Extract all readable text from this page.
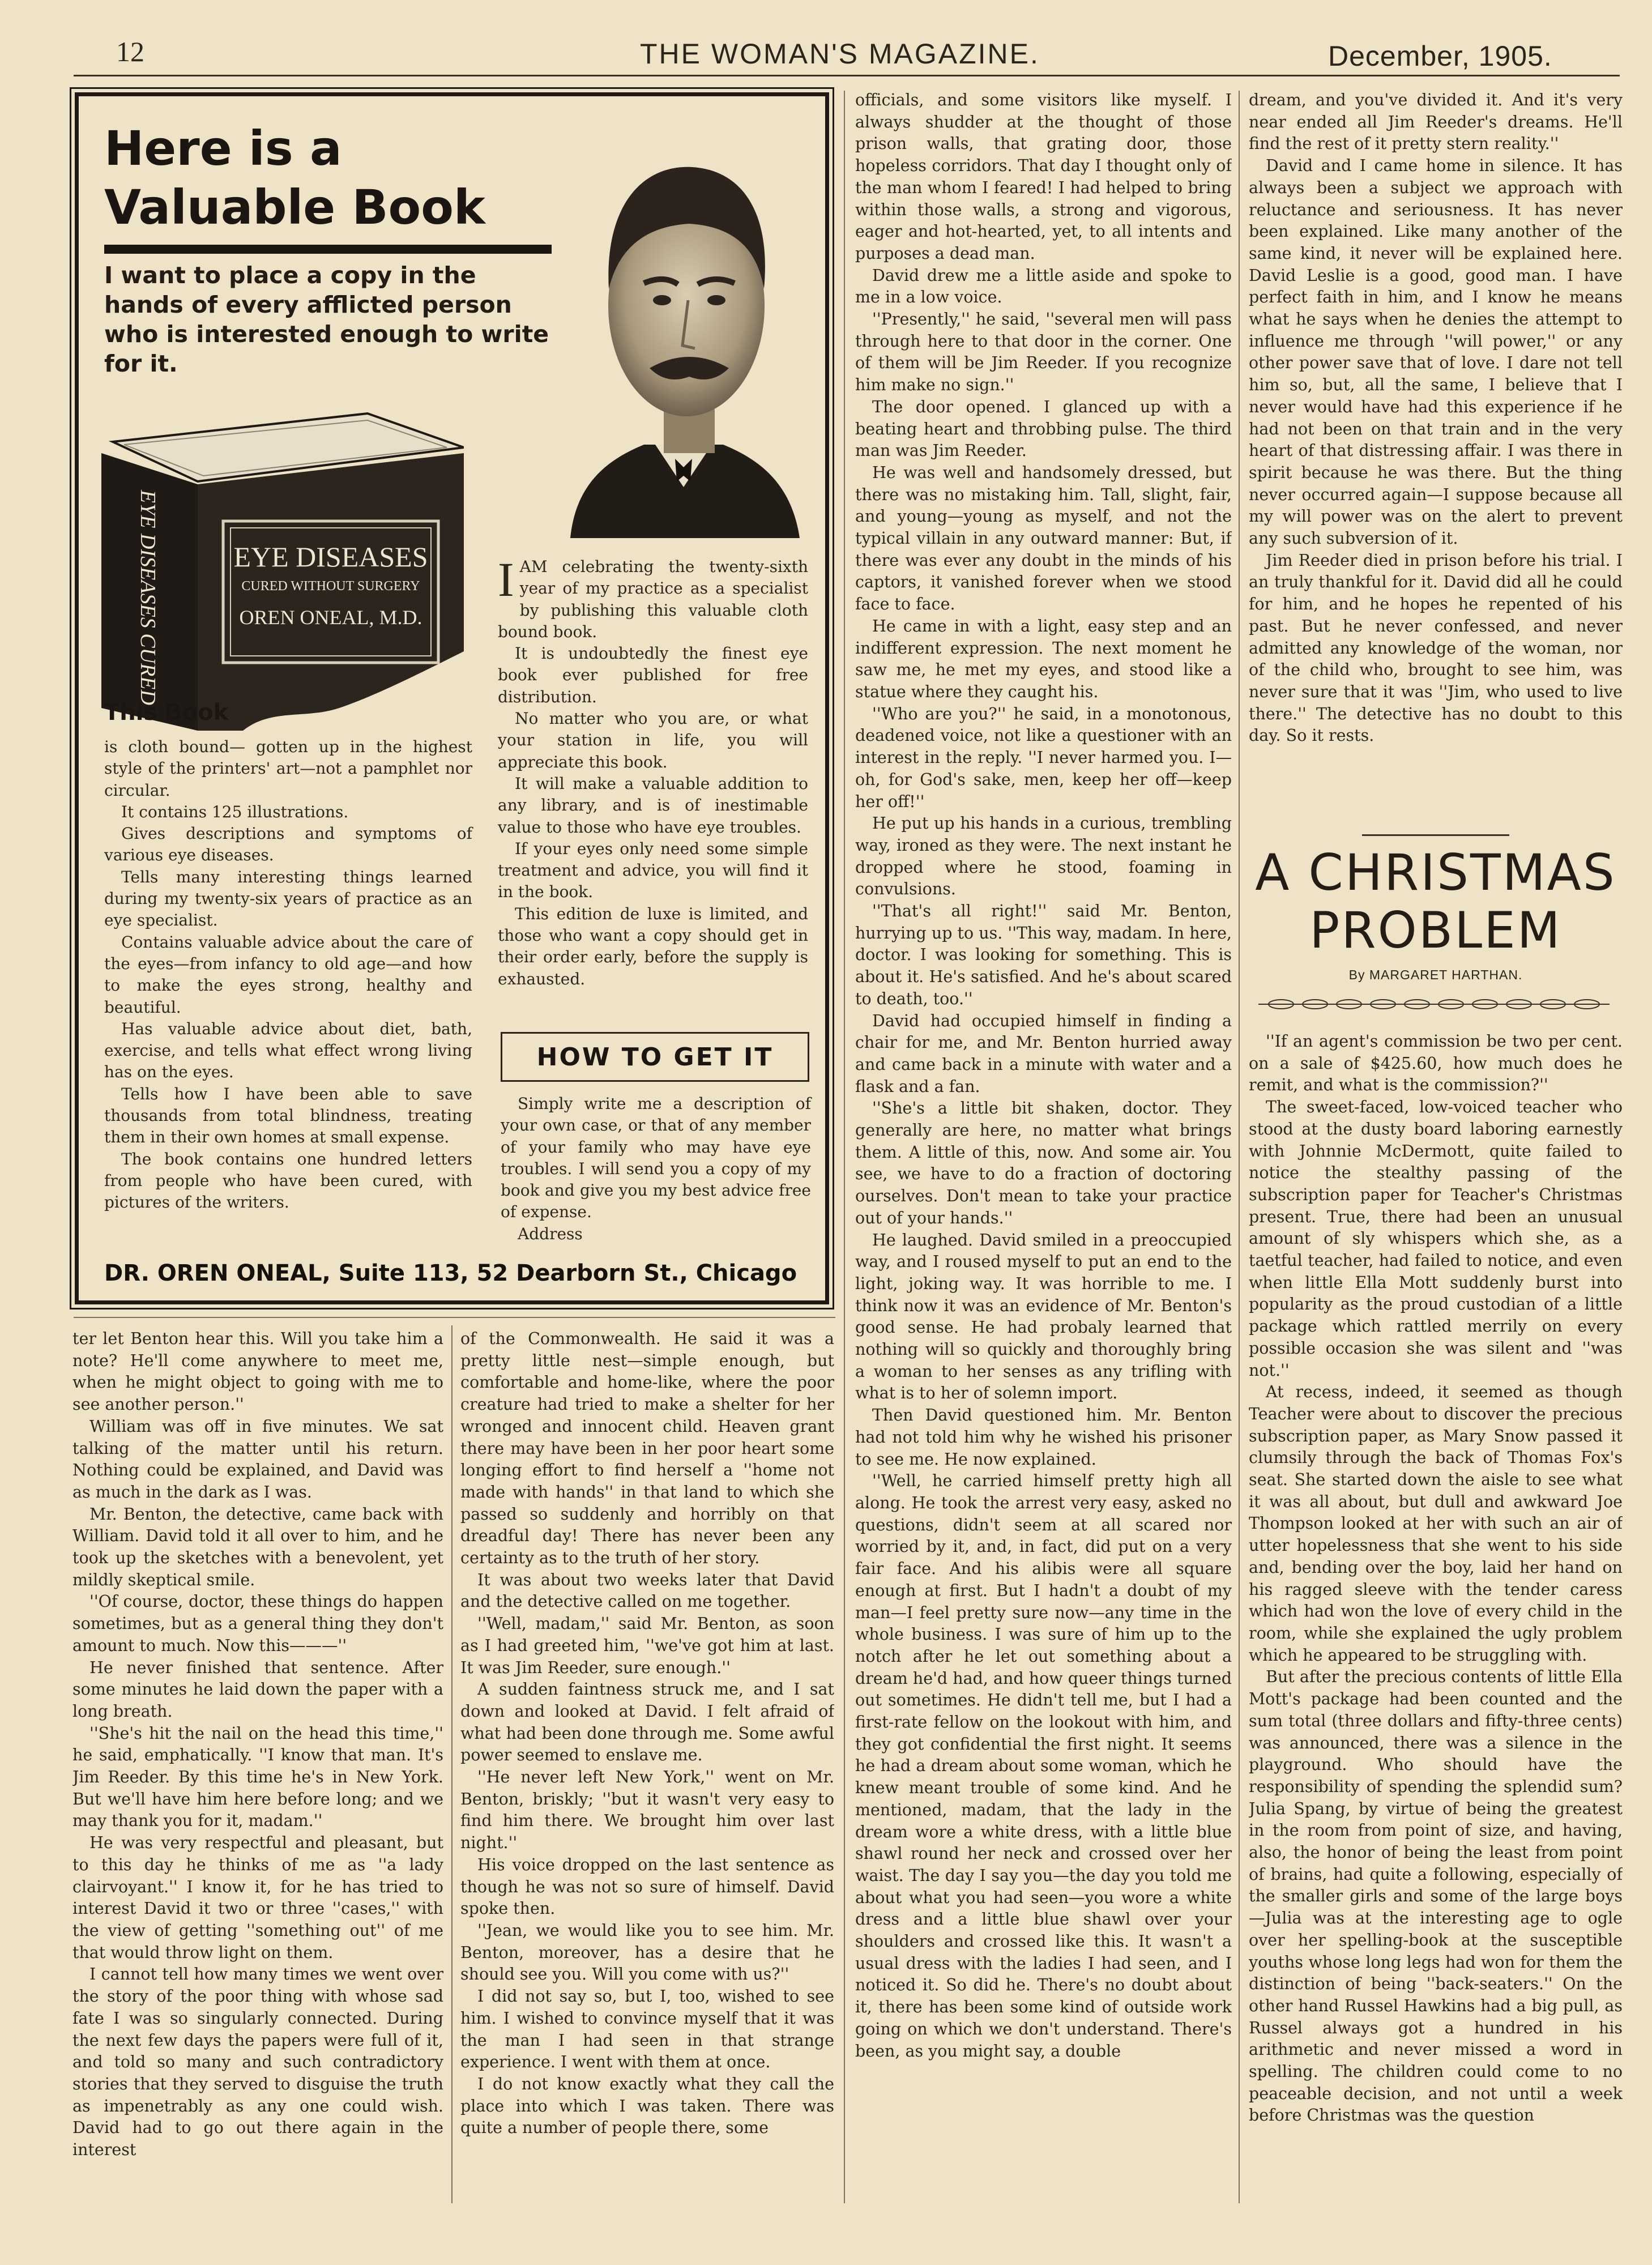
12	THE WOMAN'S MAGAZINE.	December, 1905.
Here is a
Valuable Book
I want to place a copy in the hands of every afflicted person who is interested enough to write for it.
EYE DISEASES
CURED WITHOUT SURGERY
OREN ONEAL, M.D.
EYE DISEASES CURED
This Book

is cloth bound— gotten up in the highest style of the printers' art—not a pamphlet nor circular.

It contains 125 illustrations.

Gives descriptions and symptoms of various eye diseases.

Tells many interesting things learned during my twenty-six years of practice as an eye specialist.

Contains valuable advice about the care of the eyes—from infancy to old age—and how to make the eyes strong, healthy and beautiful.

Has valuable advice about diet, bath, exercise, and tells what effect wrong living has on the eyes.

Tells how I have been able to save thousands from total blindness, treating them in their own homes at small expense.

The book contains one hundred letters from people who have been cured, with pictures of the writers.

IAM celebrating the twenty-sixth year of my practice as a specialist by publishing this valuable cloth bound book.

It is undoubtedly the finest eye book ever published for free distribution.

No matter who you are, or what your station in life, you will appreciate this book.

It will make a valuable addition to any library, and is of inestimable value to those who have eye troubles.

If your eyes only need some simple treatment and advice, you will find it in the book.

This edition de luxe is limited, and those who want a copy should get in their order early, before the supply is exhausted.

HOW TO GET IT

Simply write me a description of your own case, or that of any member of your family who may have eye troubles. I will send you a copy of my book and give you my best advice free of expense.

Address

DR. OREN ONEAL, Suite 113, 52 Dearborn St., Chicago

ter let Benton hear this. Will you take him a note? He'll come anywhere to meet me, when he might object to going with me to see another person.''

William was off in five minutes. We sat talking of the matter until his return. Nothing could be explained, and David was as much in the dark as I was.

Mr. Benton, the detective, came back with William. David told it all over to him, and he took up the sketches with a benevolent, yet mildly skeptical smile.

''Of course, doctor, these things do happen sometimes, but as a general thing they don't amount to much. Now this———''

He never finished that sentence. After some minutes he laid down the paper with a long breath.

''She's hit the nail on the head this time,'' he said, emphatically. ''I know that man. It's Jim Reeder. By this time he's in New York. But we'll have him here before long; and we may thank you for it, madam.''

He was very respectful and pleasant, but to this day he thinks of me as ''a lady clairvoyant.'' I know it, for he has tried to interest David it two or three ''cases,'' with the view of getting ''something out'' of me that would throw light on them.

I cannot tell how many times we went over the story of the poor thing with whose sad fate I was so singularly connected. During the next few days the papers were full of it, and told so many and such contradictory stories that they served to disguise the truth as impenetrably as any one could wish. David had to go out there again in the interest

of the Commonwealth. He said it was a pretty little nest—simple enough, but comfortable and home-like, where the poor creature had tried to make a shelter for her wronged and innocent child. Heaven grant there may have been in her poor heart some longing effort to find herself a ''home not made with hands'' in that land to which she passed so suddenly and horribly on that dreadful day! There has never been any certainty as to the truth of her story.

It was about two weeks later that David and the detective called on me together.

''Well, madam,'' said Mr. Benton, as soon as I had greeted him, ''we've got him at last. It was Jim Reeder, sure enough.''

A sudden faintness struck me, and I sat down and looked at David. I felt afraid of what had been done through me. Some awful power seemed to enslave me.

''He never left New York,'' went on Mr. Benton, briskly; ''but it wasn't very easy to find him there. We brought him over last night.''

His voice dropped on the last sentence as though he was not so sure of himself. David spoke then.

''Jean, we would like you to see him. Mr. Benton, moreover, has a desire that he should see you. Will you come with us?''

I did not say so, but I, too, wished to see him. I wished to convince myself that it was the man I had seen in that strange experience. I went with them at once.

I do not know exactly what they call the place into which I was taken. There was quite a number of people there, some

officials, and some visitors like myself. I always shudder at the thought of those prison walls, that grating door, those hopeless corridors. That day I thought only of the man whom I feared! I had helped to bring within those walls, a strong and vigorous, eager and hot-hearted, yet, to all intents and purposes a dead man.

David drew me a little aside and spoke to me in a low voice.

''Presently,'' he said, ''several men will pass through here to that door in the corner. One of them will be Jim Reeder. If you recognize him make no sign.''

The door opened. I glanced up with a beating heart and throbbing pulse. The third man was Jim Reeder.

He was well and handsomely dressed, but there was no mistaking him. Tall, slight, fair, and young—young as myself, and not the typical villain in any outward manner: But, if there was ever any doubt in the minds of his captors, it vanished forever when we stood face to face.

He came in with a light, easy step and an indifferent expression. The next moment he saw me, he met my eyes, and stood like a statue where they caught his.

''Who are you?'' he said, in a monotonous, deadened voice, not like a questioner with an interest in the reply. ''I never harmed you. I—oh, for God's sake, men, keep her off—keep her off!''

He put up his hands in a curious, trembling way, ironed as they were. The next instant he dropped where he stood, foaming in convulsions.

''That's all right!'' said Mr. Benton, hurrying up to us. ''This way, madam. In here, doctor. I was looking for something. This is about it. He's satisfied. And he's about scared to death, too.''

David had occupied himself in finding a chair for me, and Mr. Benton hurried away and came back in a minute with water and a flask and a fan.

''She's a little bit shaken, doctor. They generally are here, no matter what brings them. A little of this, now. And some air. You see, we have to do a fraction of doctoring ourselves. Don't mean to take your practice out of your hands.''

He laughed. David smiled in a preoccupied way, and I roused myself to put an end to the light, joking way. It was horrible to me. I think now it was an evidence of Mr. Benton's good sense. He had probaly learned that nothing will so quickly and thoroughly bring a woman to her senses as any trifling with what is to her of solemn import.

Then David questioned him. Mr. Benton had not told him why he wished his prisoner to see me. He now explained.

''Well, he carried himself pretty high all along. He took the arrest very easy, asked no questions, didn't seem at all scared nor worried by it, and, in fact, did put on a very fair face. And his alibis were all square enough at first. But I hadn't a doubt of my man—I feel pretty sure now—any time in the whole business. I was sure of him up to the notch after he let out something about a dream he'd had, and how queer things turned out sometimes. He didn't tell me, but I had a first-rate fellow on the lookout with him, and they got confidential the first night. It seems he had a dream about some woman, which he knew meant trouble of some kind. And he mentioned, madam, that the lady in the dream wore a white dress, with a little blue shawl round her neck and crossed over her waist. The day I say you—the day you told me about what you had seen—you wore a white dress and a little blue shawl over your shoulders and crossed like this. It wasn't a usual dress with the ladies I had seen, and I noticed it. So did he. There's no doubt about it, there has been some kind of outside work going on which we don't understand. There's been, as you might say, a double

dream, and you've divided it. And it's very near ended all Jim Reeder's dreams. He'll find the rest of it pretty stern reality.''

David and I came home in silence. It has always been a subject we approach with reluctance and seriousness. It has never been explained. Like many another of the same kind, it never will be explained here. David Leslie is a good, good man. I have perfect faith in him, and I know he means what he says when he denies the attempt to influence me through ''will power,'' or any other power save that of love. I dare not tell him so, but, all the same, I believe that I never would have had this experience if he had not been on that train and in the very heart of that distressing affair. I was there in spirit because he was there. But the thing never occurred again—I suppose because all my will power was on the alert to prevent any such subversion of it.

Jim Reeder died in prison before his trial. I an truly thankful for it. David did all he could for him, and he hopes he repented of his past. But he never confessed, and never admitted any knowledge of the woman, nor of the child who, brought to see him, was never sure that it was ''Jim, who used to live there.'' The detective has no doubt to this day. So it rests.

A CHRISTMAS
PROBLEM
By MARGARET HARTHAN.

''If an agent's commission be two per cent. on a sale of $425.60, how much does he remit, and what is the commission?''

The sweet-faced, low-voiced teacher who stood at the dusty board laboring earnestly with Johnnie McDermott, quite failed to notice the stealthy passing of the subscription paper for Teacher's Christmas present. True, there had been an unusual amount of sly whispers which she, as a taetful teacher, had failed to notice, and even when little Ella Mott suddenly burst into popularity as the proud custodian of a little package which rattled merrily on every possible occasion she was silent and ''was not.''

At recess, indeed, it seemed as though Teacher were about to discover the precious subscription paper, as Mary Snow passed it clumsily through the back of Thomas Fox's seat. She started down the aisle to see what it was all about, but dull and awkward Joe Thompson looked at her with such an air of utter hopelessness that she went to his side and, bending over the boy, laid her hand on his ragged sleeve with the tender caress which had won the love of every child in the room, while she explained the ugly problem which he appeared to be struggling with.

But after the precious contents of little Ella Mott's package had been counted and the sum total (three dollars and fifty-three cents) was announced, there was a silence in the playground. Who should have the responsibility of spending the splendid sum? Julia Spang, by virtue of being the greatest in the room from point of size, and having, also, the honor of being the least from point of brains, had quite a following, especially of the smaller girls and some of the large boys—Julia was at the interesting age to ogle over her spelling-book at the susceptible youths whose long legs had won for them the distinction of being ''back-seaters.'' On the other hand Russel Hawkins had a big pull, as Russel always got a hundred in his arithmetic and never missed a word in spelling. The children could come to no peaceable decision, and not until a week before Christmas was the question
